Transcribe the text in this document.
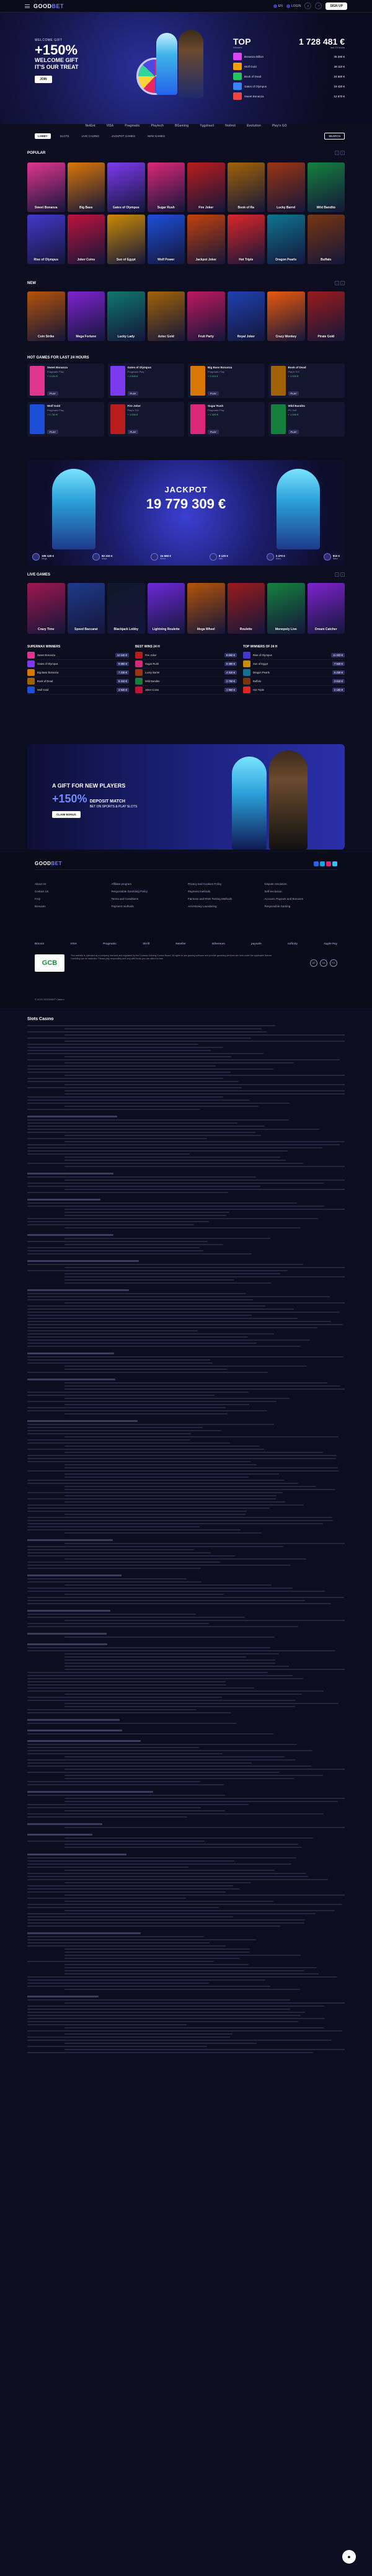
GOODBET	EN	LOGIN	⌕	◔	SIGN UP
WELCOME GIFT
+150%
WELCOME GIFT
IT'S OUR TREAT
JOIN
TOP
Winners
1 728 481 €
last 24 hours
Bonanza Billion	45 280 €
Wolf Gold	38 110 €
Book of Dead	24 560 €
Gates of Olympus	19 420 €
Sweet Bonanza	12 870 €
NetEnt	VISA	Pragmatic	Playtech	BGaming	Yggdrasil	Nolimit	Evolution	Play'n GO
LOBBY	SLOTS	LIVE CASINO	JACKPOT GAMES	NEW GAMES	SEARCH
POPULAR	‹	›
Sweet Bonanza	Big Bass	Gates of Olympus	Sugar Rush	Fire Joker	Book of Ra	Lucky Barrel	Wild Bandito
Rise of Olympus	Joker Coins	Sun of Egypt	Wolf Power	Jackpot Joker	Hot Triple	Dragon Pearls	Buffalo
NEW	‹	›
Coin Strike	Mega Fortune	Lucky Lady	Aztec Gold	Fruit Party	Royal Joker	Crazy Monkey	Pirate Gold
HOT GAMES FOR LAST 24 HOURS
Sweet Bonanza
Pragmatic Play
+ 3 124 €
PLAY
Gates of Olympus
Pragmatic Play
+ 2 845 €
PLAY
Big Bass Bonanza
Pragmatic Play
+ 2 110 €
PLAY
Book of Dead
Play'n GO
+ 1 920 €
PLAY
Wolf Gold
Pragmatic Play
+ 1 740 €
PLAY
Fire Joker
Play'n GO
+ 1 530 €
PLAY
Sugar Rush
Pragmatic Play
+ 1 320 €
PLAY
Wild Bandito
PG Soft
+ 1 090 €
PLAY
JACKPOT
19 779 309 €
195 120 €
Mega
82 410 €
Major
24 560 €
Minor
8 120 €
Mini
2 470 €
Micro
910 €
Nano
LIVE GAMES	‹	›
Crazy Time	Speed Baccarat	Blackjack Lobby	Lightning Roulette	Mega Wheel	Roulette	Monopoly Live	Dream Catcher
SUPERMAX WINNERS
Sweet Bonanza	12 540 €
Gates of Olympus	9 880 €
Big Bass Bonanza	7 230 €
Book of Dead	5 410 €
Wolf Gold	3 920 €
BEST WINS 24 H
Fire Joker	8 650 €
Sugar Rush	6 480 €
Lucky Barrel	4 310 €
Wild Bandito	2 760 €
Joker Coins	1 950 €
TOP WINNERS OF 24 H
Rise of Olympus	11 020 €
Sun of Egypt	7 840 €
Dragon Pearls	5 230 €
Buffalo	3 610 €
Hot Triple	2 180 €
A GIFT FOR NEW PLAYERS
+150% DEPOSIT MATCH
BET ON SPORTS & PLAY SLOTS
CLAIM BONUS
GOODBET
About Us
Contact Us
FAQ
Bonuses
Affiliate program
Responsible Gambling Policy
Terms and Conditions
Payment methods
Privacy and Cookies Policy
Payment methods
Fairness and RNG Testing Methods
Anti-Money Laundering
Dispute resolution
Self-exclusion
Account, Payouts and Bonuses
Responsible Gaming
Bitcoin	VISA	Pragmatic	Skrill	Neteller	Ethereum	paysafe	mifinity	Apple Pay
GCB
This website is operated by a company licensed and regulated by the Curacao Gaming Control Board. All rights to use gaming software and provide gambling services are held under the applicable license.
Gambling can be addictive. Please play responsibly and only with funds you can afford to lose.
18+	GA	RG
© 2024 GOODBET Casino
Slots Casino
●
